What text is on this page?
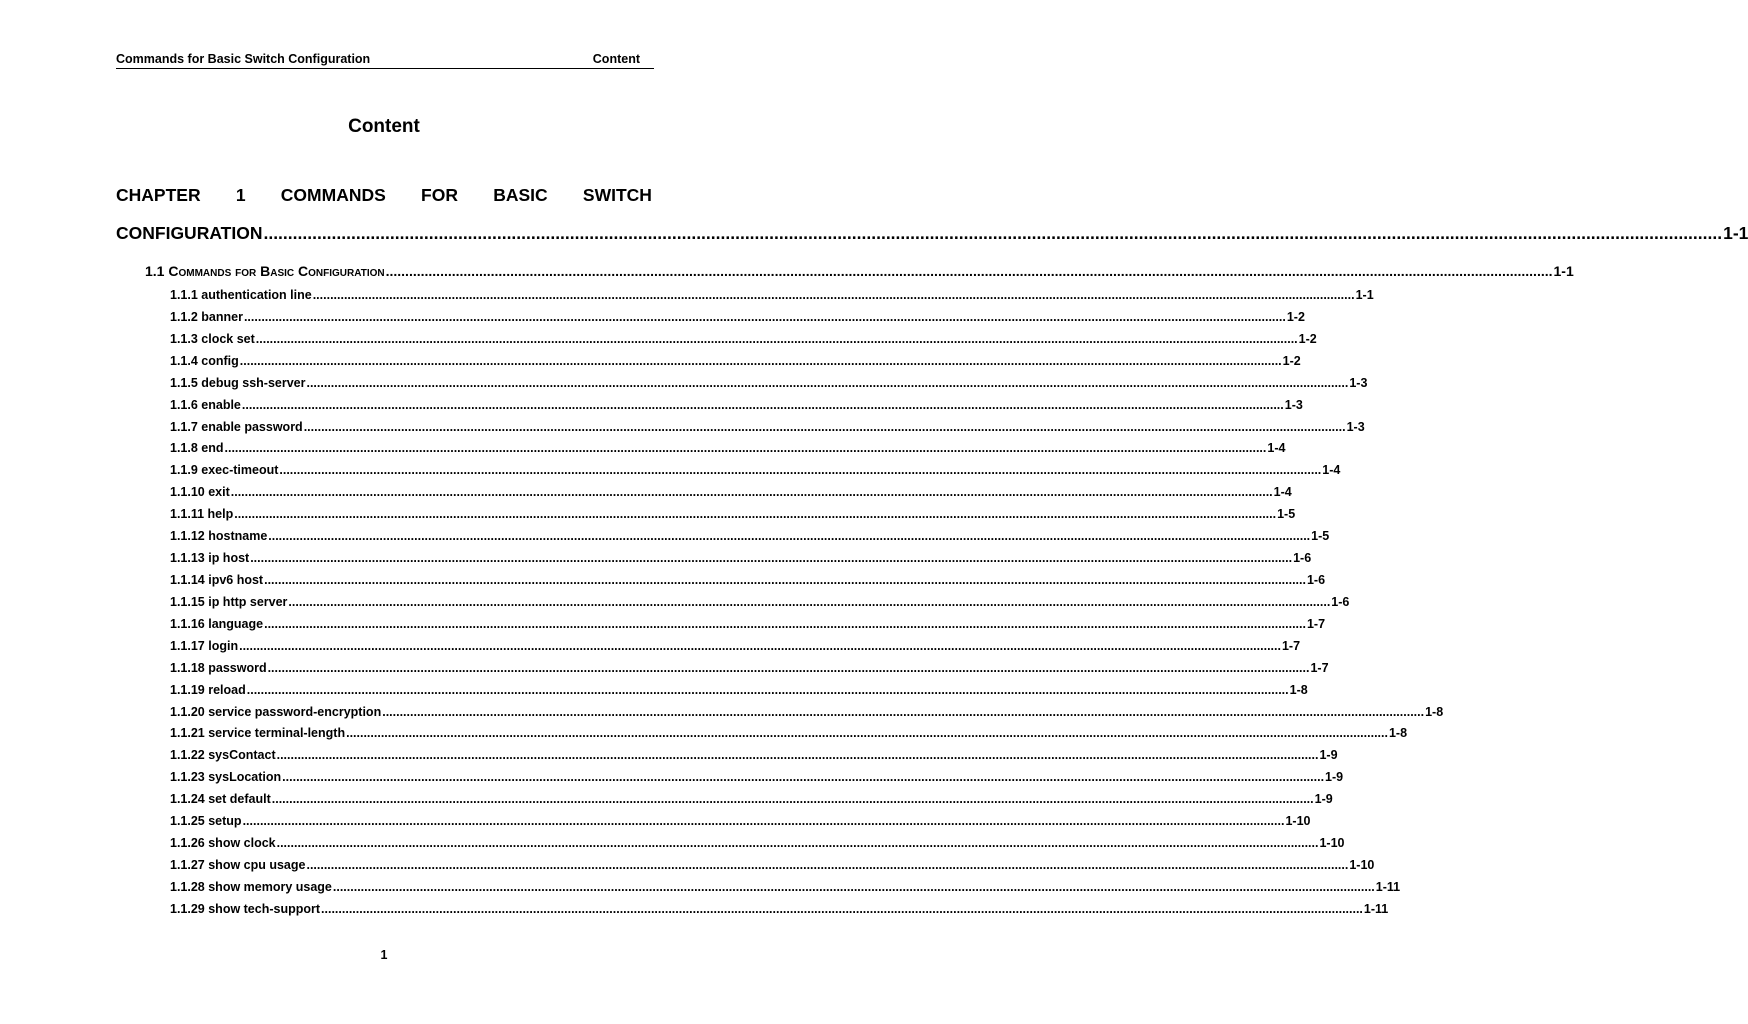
Commands for Basic Switch Configuration	Content
Content
CHAPTER 1 COMMANDS FOR BASIC SWITCH
CONFIGURATION ............................................................................................................................................................................................................................................................................................................ 1-1
1.1 Commands for Basic Configuration ............................................................................................................................................................................................................................................................................................................ 1-1
1.1.1 authentication line ............................................................................................................................................................................................................................................................................................................ 1-1
1.1.2 banner ............................................................................................................................................................................................................................................................................................................ 1-2
1.1.3 clock set ............................................................................................................................................................................................................................................................................................................ 1-2
1.1.4 config ............................................................................................................................................................................................................................................................................................................ 1-2
1.1.5 debug ssh-server ............................................................................................................................................................................................................................................................................................................ 1-3
1.1.6 enable ............................................................................................................................................................................................................................................................................................................ 1-3
1.1.7 enable password ............................................................................................................................................................................................................................................................................................................ 1-3
1.1.8 end ............................................................................................................................................................................................................................................................................................................ 1-4
1.1.9 exec-timeout ............................................................................................................................................................................................................................................................................................................ 1-4
1.1.10 exit ............................................................................................................................................................................................................................................................................................................ 1-4
1.1.11 help ............................................................................................................................................................................................................................................................................................................ 1-5
1.1.12 hostname ............................................................................................................................................................................................................................................................................................................ 1-5
1.1.13 ip host ............................................................................................................................................................................................................................................................................................................ 1-6
1.1.14 ipv6 host ............................................................................................................................................................................................................................................................................................................ 1-6
1.1.15 ip http server ............................................................................................................................................................................................................................................................................................................ 1-6
1.1.16 language ............................................................................................................................................................................................................................................................................................................ 1-7
1.1.17 login ............................................................................................................................................................................................................................................................................................................ 1-7
1.1.18 password ............................................................................................................................................................................................................................................................................................................ 1-7
1.1.19 reload ............................................................................................................................................................................................................................................................................................................ 1-8
1.1.20 service password-encryption ............................................................................................................................................................................................................................................................................................................ 1-8
1.1.21 service terminal-length ............................................................................................................................................................................................................................................................................................................ 1-8
1.1.22 sysContact ............................................................................................................................................................................................................................................................................................................ 1-9
1.1.23 sysLocation ............................................................................................................................................................................................................................................................................................................ 1-9
1.1.24 set default ............................................................................................................................................................................................................................................................................................................ 1-9
1.1.25 setup ............................................................................................................................................................................................................................................................................................................ 1-10
1.1.26 show clock ............................................................................................................................................................................................................................................................................................................ 1-10
1.1.27 show cpu usage ............................................................................................................................................................................................................................................................................................................ 1-10
1.1.28 show memory usage ............................................................................................................................................................................................................................................................................................................ 1-11
1.1.29 show tech-support ............................................................................................................................................................................................................................................................................................................ 1-11
1
